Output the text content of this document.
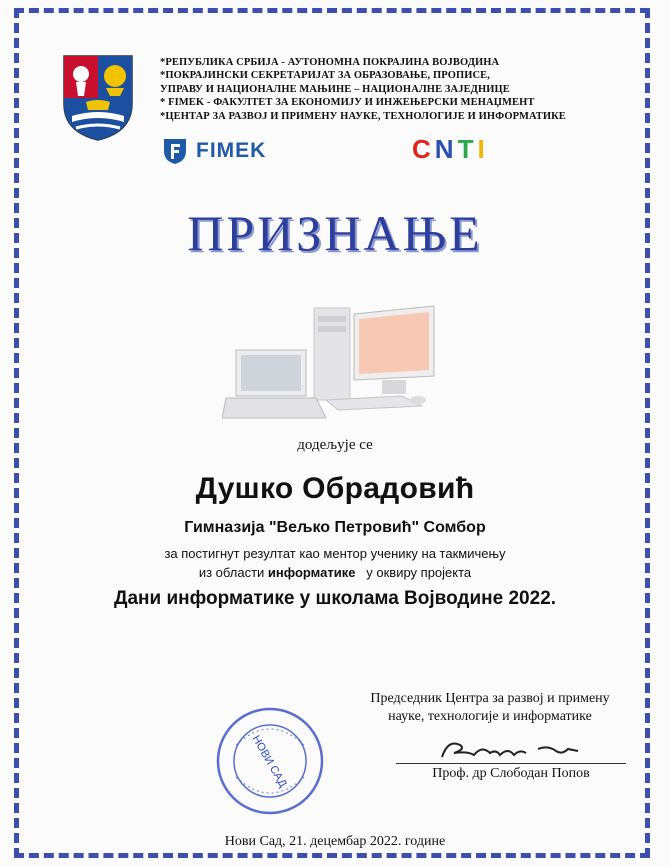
*РЕПУБЛИКА СРБИЈА - АУТОНОМНА ПОКРАЈИНА ВОЈВОДИНА
*ПОКРАЈИНСКИ СЕКРЕТАРИЈАТ ЗА ОБРАЗОВАЊЕ, ПРОПИСЕ,
УПРАВУ И НАЦИОНАЛНЕ МАЊИНЕ – НАЦИОНАЛНЕ ЗАЈЕДНИЦЕ
* FIMEK - ФАКУЛТЕТ ЗА ЕКОНОМИЈУ И ИНЖЕЊЕРСКИ МЕНАЏМЕНТ
*ЦЕНТАР ЗА РАЗВОЈ И ПРИМЕНУ НАУКЕ, ТЕХНОЛОГИЈЕ И ИНФОРМАТИКЕ
FIMEK	C N T I
ПРИЗНАЊЕ
додељује се
Душко Обрадовић
Гимназија "Вељко Петровић" Сомбор
за постигнут резултат као ментор ученику на такмичењу
из области информатике   у оквиру пројекта
Дани информатике у школама Војводине 2022.
Председник Центра за развој и примену
науке, технологије и информатике
Проф. др Слободан Попов
НОВИ САД
Нови Сад, 21. децембар 2022. године
